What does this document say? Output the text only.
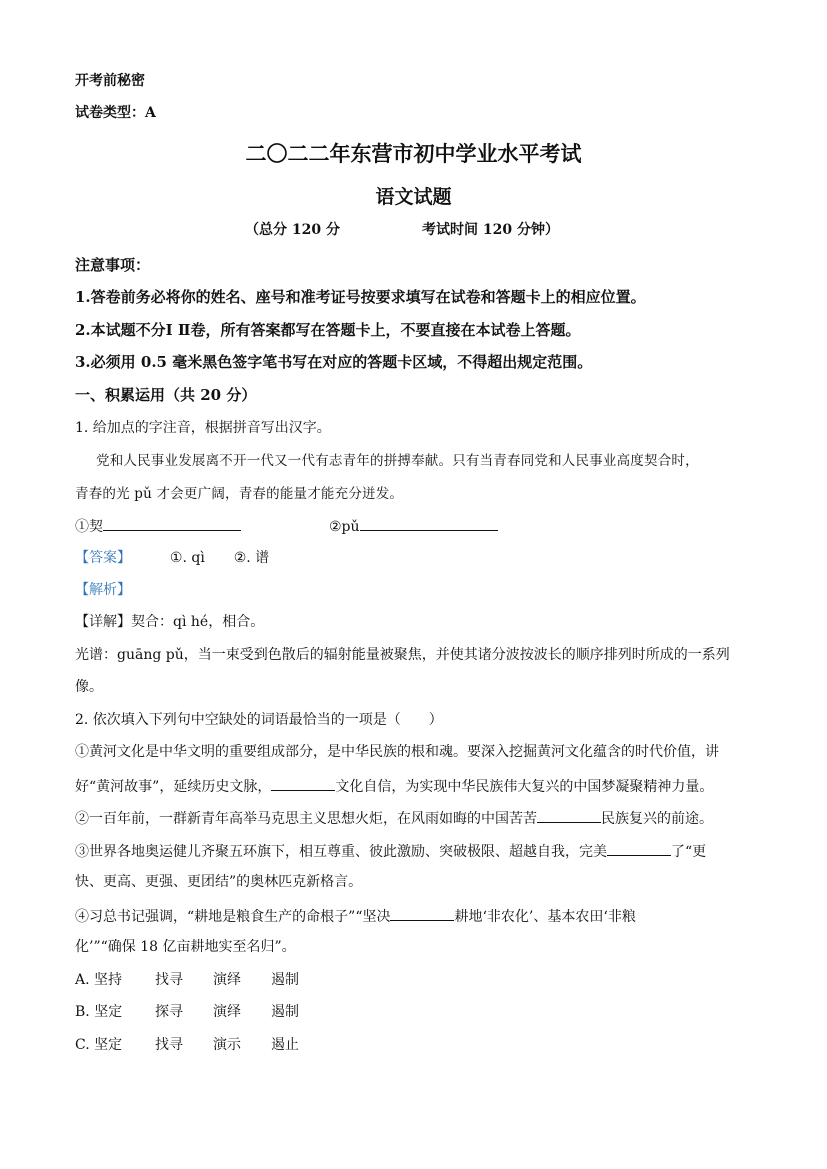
开考前秘密
试卷类型：A
二〇二二年东营市初中学业水平考试
语文试题
（总分 120 分	考试时间 120 分钟）
注意事项：
1.答卷前务必将你的姓名、座号和准考证号按要求填写在试卷和答题卡上的相应位置。
2.本试题不分Ⅰ Ⅱ卷，所有答案都写在答题卡上，不要直接在本试卷上答题。
3.必须用 0.5 毫米黑色签字笔书写在对应的答题卡区域，不得超出规定范围。
一、积累运用（共 20 分）
1. 给加点的字注音，根据拼音写出汉字。
党和人民事业发展离不开一代又一代有志青年的拼搏奉献。只有当青春同党和人民事业高度契合时，
青春的光 pǔ 才会更广阔，青春的能量才能充分迸发。
①契	②pǔ
【答案】	①. qì ②. 谱
【解析】
【详解】契合：qì hé，相合。
光谱：guāng pǔ，当一束受到色散后的辐射能量被聚焦，并使其诸分波按波长的顺序排列时所成的一系列
像。
2. 依次填入下列句中空缺处的词语最恰当的一项是（　　）
①黄河文化是中华文明的重要组成部分，是中华民族的根和魂。要深入挖掘黄河文化蕴含的时代价值，讲
好“黄河故事”，延续历史文脉，	文化自信，为实现中华民族伟大复兴的中国梦凝聚精神力量。
②一百年前，一群新青年高举马克思主义思想火炬，在风雨如晦的中国苦苦	民族复兴的前途。
③世界各地奥运健儿齐聚五环旗下，相互尊重、彼此激励、突破极限、超越自我，完美	了“更
快、更高、更强、更团结”的奥林匹克新格言。
④习总书记强调，“耕地是粮食生产的命根子”“坚决	耕地‘非农化’、基本农田‘非粮
化’”“确保 18 亿亩耕地实至名归”。
A. 坚持 找寻 演绎 遏制
B. 坚定 探寻 演绎 遏制
C. 坚定 找寻 演示 遏止
